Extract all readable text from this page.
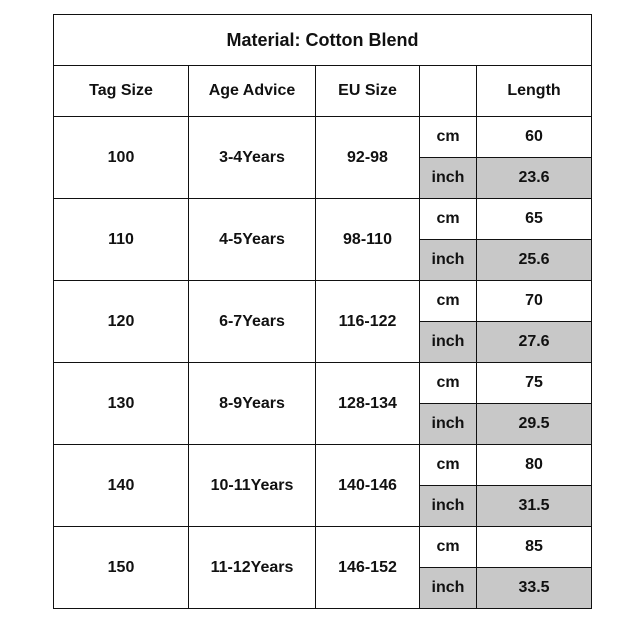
Material: Cotton Blend				
Tag Size	Age Advice	EU Size		Length
100	3-4Years	92-98	cm	60
			inch	23.6
110	4-5Years	98-110	cm	65
			inch	25.6
120	6-7Years	116-122	cm	70
			inch	27.6
130	8-9Years	128-134	cm	75
			inch	29.5
140	10-11Years	140-146	cm	80
			inch	31.5
150	11-12Years	146-152	cm	85
			inch	33.5
